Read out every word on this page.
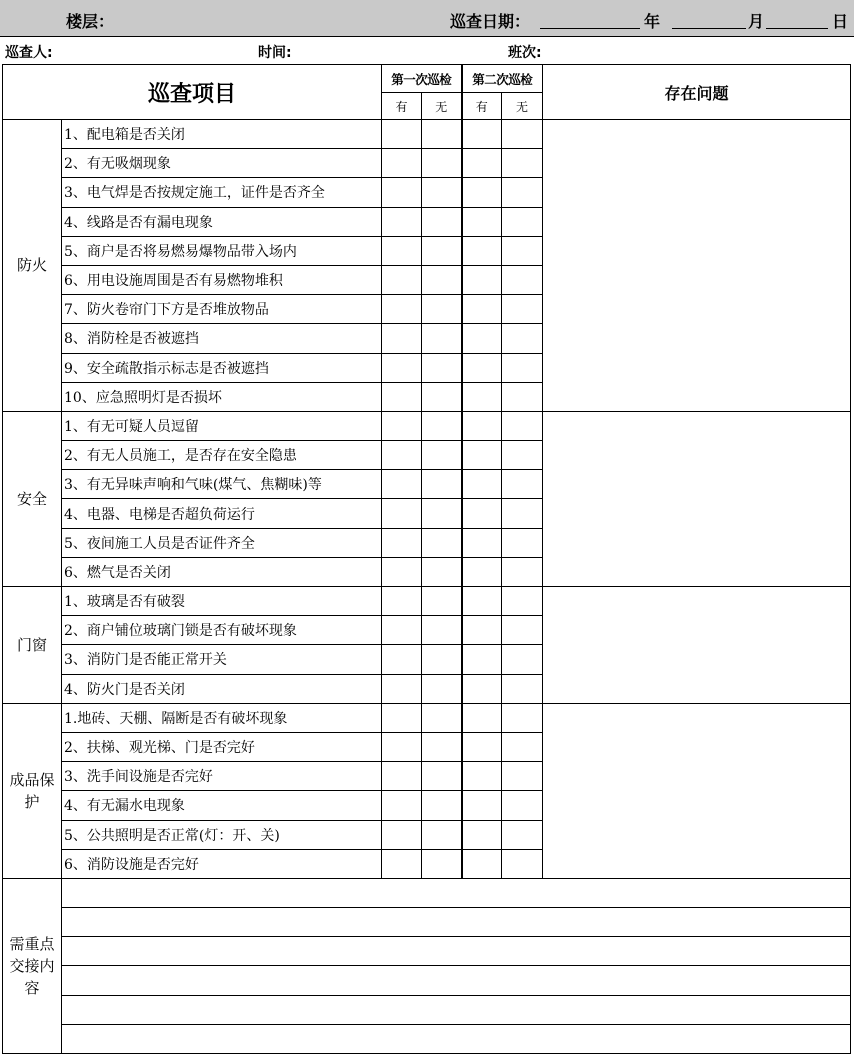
楼层：	巡查日期：	年	月	日
巡查人:	时间:	班次:
巡查项目		第一次巡检		第二次巡检		存在问题
		有	无	有	无	
防火	1、配电箱是否关闭					
	2、有无吸烟现象					
	3、电气焊是否按规定施工，证件是否齐全					
	4、线路是否有漏电现象					
	5、商户是否将易燃易爆物品带入场内					
	6、用电设施周围是否有易燃物堆积					
	7、防火卷帘门下方是否堆放物品					
	8、消防栓是否被遮挡					
	9、安全疏散指示标志是否被遮挡					
	10、应急照明灯是否损坏					
安全	1、有无可疑人员逗留					
	2、有无人员施工，是否存在安全隐患					
	3、有无异味声响和气味(煤气、焦糊味)等					
	4、电器、电梯是否超负荷运行					
	5、夜间施工人员是否证件齐全					
	6、燃气是否关闭					
门窗	1、玻璃是否有破裂					
	2、商户铺位玻璃门锁是否有破坏现象					
	3、消防门是否能正常开关					
	4、防火门是否关闭					
成品保护	1.地砖、天棚、隔断是否有破坏现象					
	2、扶梯、观光梯、门是否完好					
	3、洗手间设施是否完好					
	4、有无漏水电现象					
	5、公共照明是否正常(灯：开、关)					
	6、消防设施是否完好					
需重点交接内容						
